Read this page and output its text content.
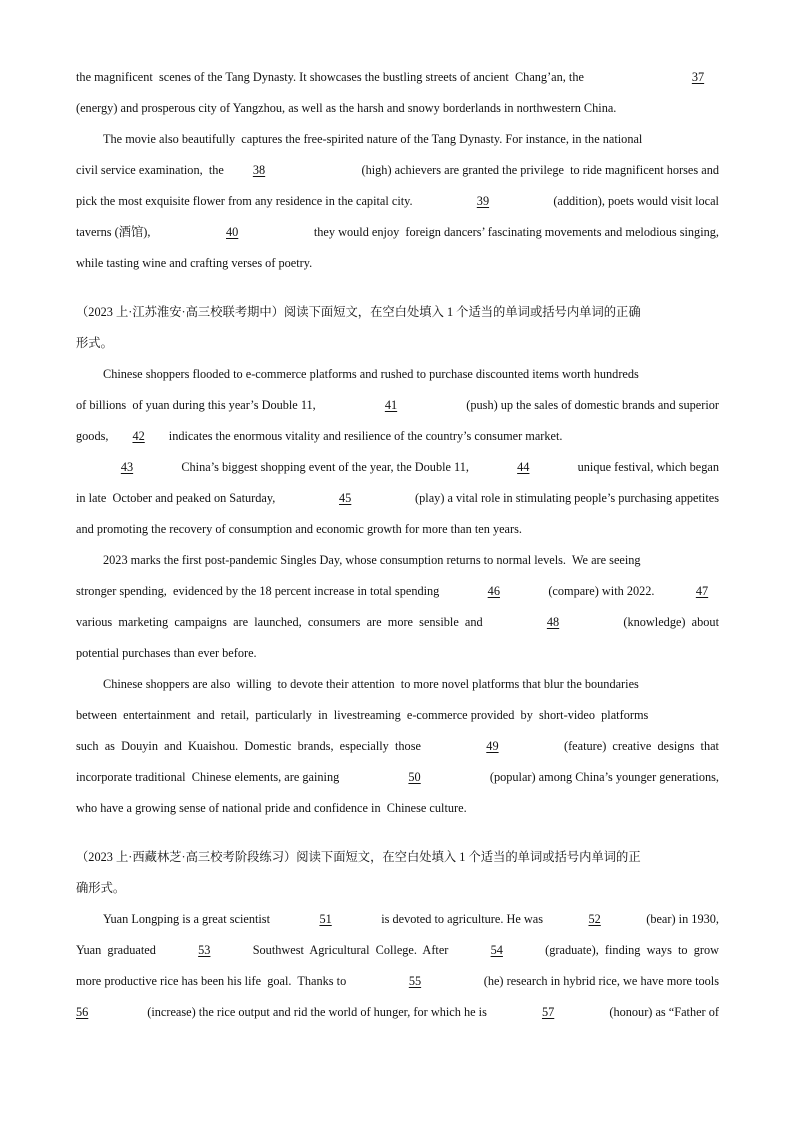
the magnificent  scenes of the Tang Dynasty. It showcases the bustling streets of ancient  Chang’an, the	37
(energy) and prosperous city of Yangzhou, as well as the harsh and snowy borderlands in northwestern China.
The movie also beautifully  captures the free-spirited nature of the Tang Dynasty. For instance, in the national
civil service examination,  the 38	(high) achievers are granted the privilege  to ride magnificent horses and
pick the most exquisite flower from any residence in the capital city.	39	(addition), poets would visit local
taverns (酒馆),	40	they would enjoy  foreign dancers’ fascinating movements and melodious singing,
while tasting wine and crafting verses of poetry.
（2023 上·江苏淮安·高三校联考期中）阅读下面短文，在空白处填入 1 个适当的单词或括号内单词的正确
形式。
Chinese shoppers flooded to e-commerce platforms and rushed to purchase discounted items worth hundreds
of billions  of yuan during this year’s Double 11,	41	(push) up the sales of domestic brands and superior
goods, 42 indicates the enormous vitality and resilience of the country’s consumer market.
43	China’s biggest shopping event of the year, the Double 11,	44	unique festival, which began
in late  October and peaked on Saturday,	45	(play) a vital role in stimulating people’s purchasing appetites
and promoting the recovery of consumption and economic growth for more than ten years.
2023 marks the first post-pandemic Singles Day, whose consumption returns to normal levels.  We are seeing
stronger spending,  evidenced by the 18 percent increase in total spending	46	(compare) with 2022.	47
various  marketing  campaigns  are  launched,  consumers  are  more  sensible  and	48	(knowledge)  about
potential purchases than ever before.
Chinese shoppers are also  willing  to devote their attention  to more novel platforms that blur the boundaries
between  entertainment  and  retail,  particularly  in  livestreaming  e-commerce provided  by  short-video  platforms
such  as  Douyin  and  Kuaishou.  Domestic  brands,  especially  those	49	(feature)  creative  designs  that
incorporate traditional  Chinese elements, are gaining	50	(popular) among China’s younger generations,
who have a growing sense of national pride and confidence in  Chinese culture.
（2023 上·西藏林芝·高三校考阶段练习）阅读下面短文，在空白处填入 1 个适当的单词或括号内单词的正
确形式。
Yuan Longping is a great scientist	51	is devoted to agriculture. He was	52	(bear) in 1930,
Yuan  graduated	53	Southwest  Agricultural  College.  After	54	(graduate),  finding  ways  to  grow
more productive rice has been his life  goal.  Thanks to	55	(he) research in hybrid rice, we have more tools
56	(increase) the rice output and rid the world of hunger, for which he is	57	(honour) as “Father of
